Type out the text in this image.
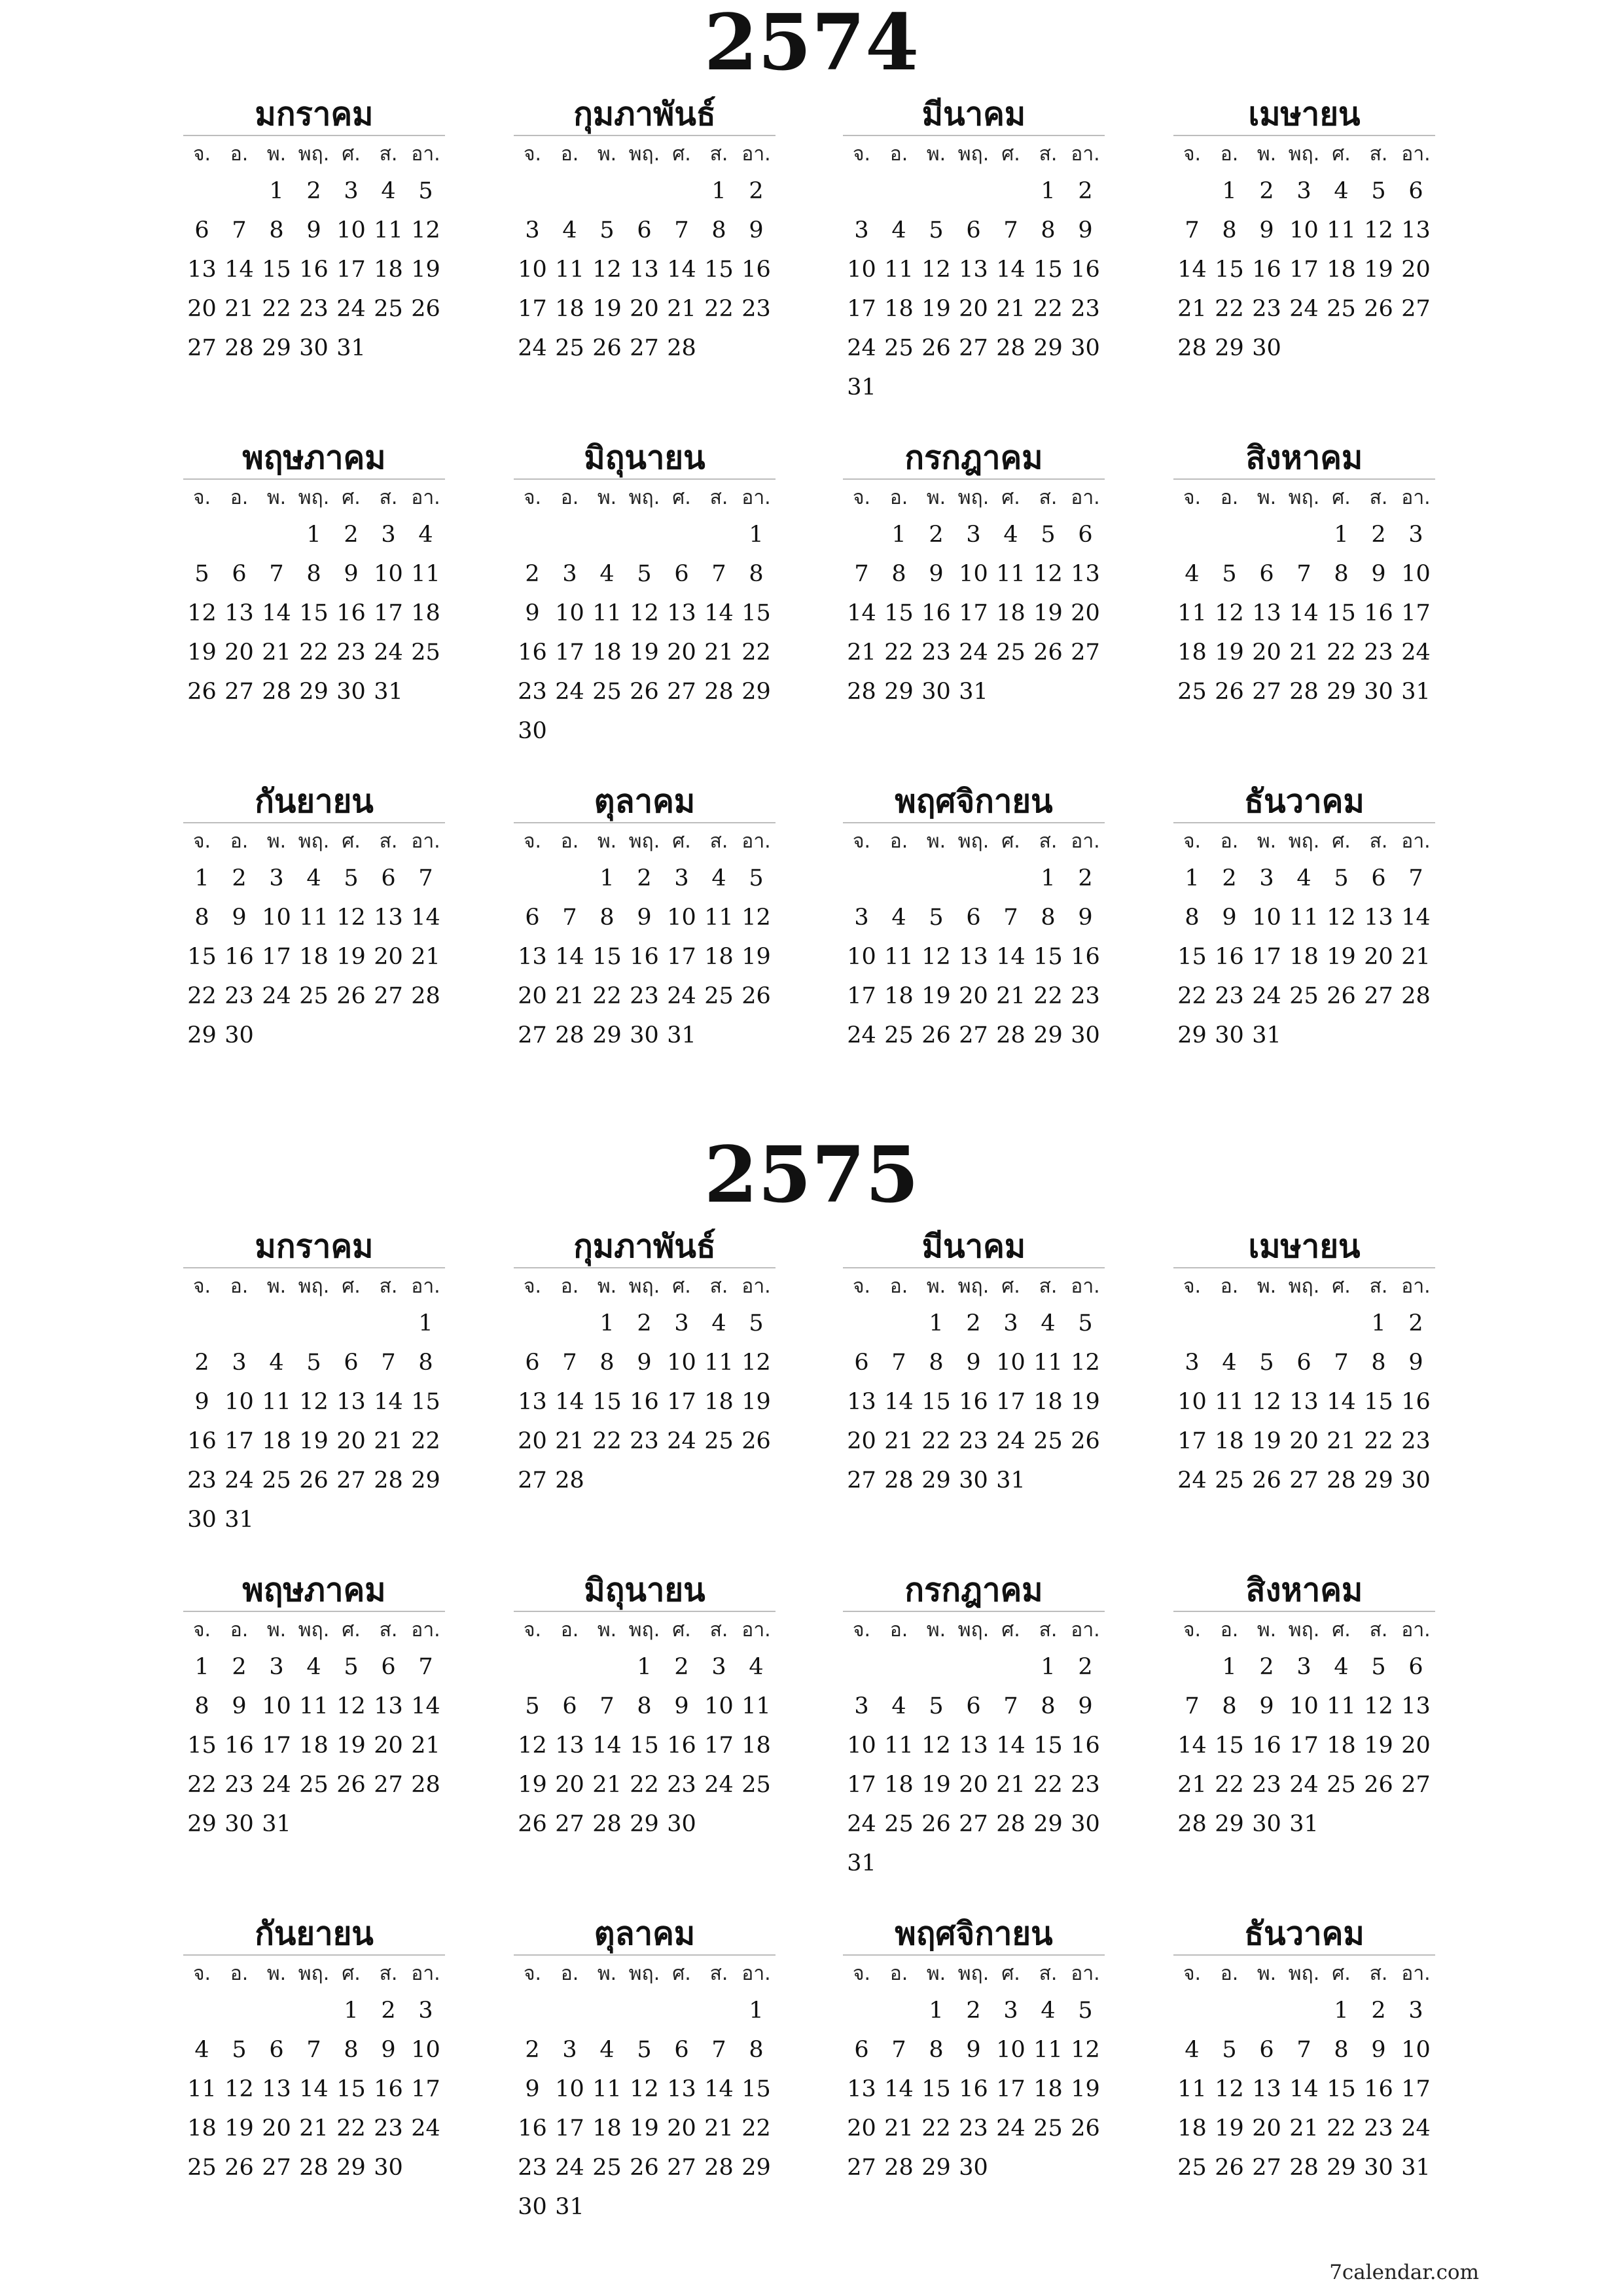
2574
มกราคม
จ. อ. พ. พฤ. ศ. ส. อา.
1 2 3 4 5
6 7 8 9 10 11 12
13 14 15 16 17 18 19
20 21 22 23 24 25 26
27 28 29 30 31
กุมภาพันธ์
จ. อ. พ. พฤ. ศ. ส. อา.
1 2
3 4 5 6 7 8 9
10 11 12 13 14 15 16
17 18 19 20 21 22 23
24 25 26 27 28
มีนาคม
จ. อ. พ. พฤ. ศ. ส. อา.
1 2
3 4 5 6 7 8 9
10 11 12 13 14 15 16
17 18 19 20 21 22 23
24 25 26 27 28 29 30
31
เมษายน
จ. อ. พ. พฤ. ศ. ส. อา.
1 2 3 4 5 6
7 8 9 10 11 12 13
14 15 16 17 18 19 20
21 22 23 24 25 26 27
28 29 30
พฤษภาคม
จ. อ. พ. พฤ. ศ. ส. อา.
1 2 3 4
5 6 7 8 9 10 11
12 13 14 15 16 17 18
19 20 21 22 23 24 25
26 27 28 29 30 31
มิถุนายน
จ. อ. พ. พฤ. ศ. ส. อา.
1
2 3 4 5 6 7 8
9 10 11 12 13 14 15
16 17 18 19 20 21 22
23 24 25 26 27 28 29
30
กรกฎาคม
จ. อ. พ. พฤ. ศ. ส. อา.
1 2 3 4 5 6
7 8 9 10 11 12 13
14 15 16 17 18 19 20
21 22 23 24 25 26 27
28 29 30 31
สิงหาคม
จ. อ. พ. พฤ. ศ. ส. อา.
1 2 3
4 5 6 7 8 9 10
11 12 13 14 15 16 17
18 19 20 21 22 23 24
25 26 27 28 29 30 31
กันยายน
จ. อ. พ. พฤ. ศ. ส. อา.
1 2 3 4 5 6 7
8 9 10 11 12 13 14
15 16 17 18 19 20 21
22 23 24 25 26 27 28
29 30
ตุลาคม
จ. อ. พ. พฤ. ศ. ส. อา.
1 2 3 4 5
6 7 8 9 10 11 12
13 14 15 16 17 18 19
20 21 22 23 24 25 26
27 28 29 30 31
พฤศจิกายน
จ. อ. พ. พฤ. ศ. ส. อา.
1 2
3 4 5 6 7 8 9
10 11 12 13 14 15 16
17 18 19 20 21 22 23
24 25 26 27 28 29 30
ธันวาคม
จ. อ. พ. พฤ. ศ. ส. อา.
1 2 3 4 5 6 7
8 9 10 11 12 13 14
15 16 17 18 19 20 21
22 23 24 25 26 27 28
29 30 31
2575
มกราคม
จ. อ. พ. พฤ. ศ. ส. อา.
1
2 3 4 5 6 7 8
9 10 11 12 13 14 15
16 17 18 19 20 21 22
23 24 25 26 27 28 29
30 31
กุมภาพันธ์
จ. อ. พ. พฤ. ศ. ส. อา.
1 2 3 4 5
6 7 8 9 10 11 12
13 14 15 16 17 18 19
20 21 22 23 24 25 26
27 28
มีนาคม
จ. อ. พ. พฤ. ศ. ส. อา.
1 2 3 4 5
6 7 8 9 10 11 12
13 14 15 16 17 18 19
20 21 22 23 24 25 26
27 28 29 30 31
เมษายน
จ. อ. พ. พฤ. ศ. ส. อา.
1 2
3 4 5 6 7 8 9
10 11 12 13 14 15 16
17 18 19 20 21 22 23
24 25 26 27 28 29 30
พฤษภาคม
จ. อ. พ. พฤ. ศ. ส. อา.
1 2 3 4 5 6 7
8 9 10 11 12 13 14
15 16 17 18 19 20 21
22 23 24 25 26 27 28
29 30 31
มิถุนายน
จ. อ. พ. พฤ. ศ. ส. อา.
1 2 3 4
5 6 7 8 9 10 11
12 13 14 15 16 17 18
19 20 21 22 23 24 25
26 27 28 29 30
กรกฎาคม
จ. อ. พ. พฤ. ศ. ส. อา.
1 2
3 4 5 6 7 8 9
10 11 12 13 14 15 16
17 18 19 20 21 22 23
24 25 26 27 28 29 30
31
สิงหาคม
จ. อ. พ. พฤ. ศ. ส. อา.
1 2 3 4 5 6
7 8 9 10 11 12 13
14 15 16 17 18 19 20
21 22 23 24 25 26 27
28 29 30 31
กันยายน
จ. อ. พ. พฤ. ศ. ส. อา.
1 2 3
4 5 6 7 8 9 10
11 12 13 14 15 16 17
18 19 20 21 22 23 24
25 26 27 28 29 30
ตุลาคม
จ. อ. พ. พฤ. ศ. ส. อา.
1
2 3 4 5 6 7 8
9 10 11 12 13 14 15
16 17 18 19 20 21 22
23 24 25 26 27 28 29
30 31
พฤศจิกายน
จ. อ. พ. พฤ. ศ. ส. อา.
1 2 3 4 5
6 7 8 9 10 11 12
13 14 15 16 17 18 19
20 21 22 23 24 25 26
27 28 29 30
ธันวาคม
จ. อ. พ. พฤ. ศ. ส. อา.
1 2 3
4 5 6 7 8 9 10
11 12 13 14 15 16 17
18 19 20 21 22 23 24
25 26 27 28 29 30 31
7calendar.com
